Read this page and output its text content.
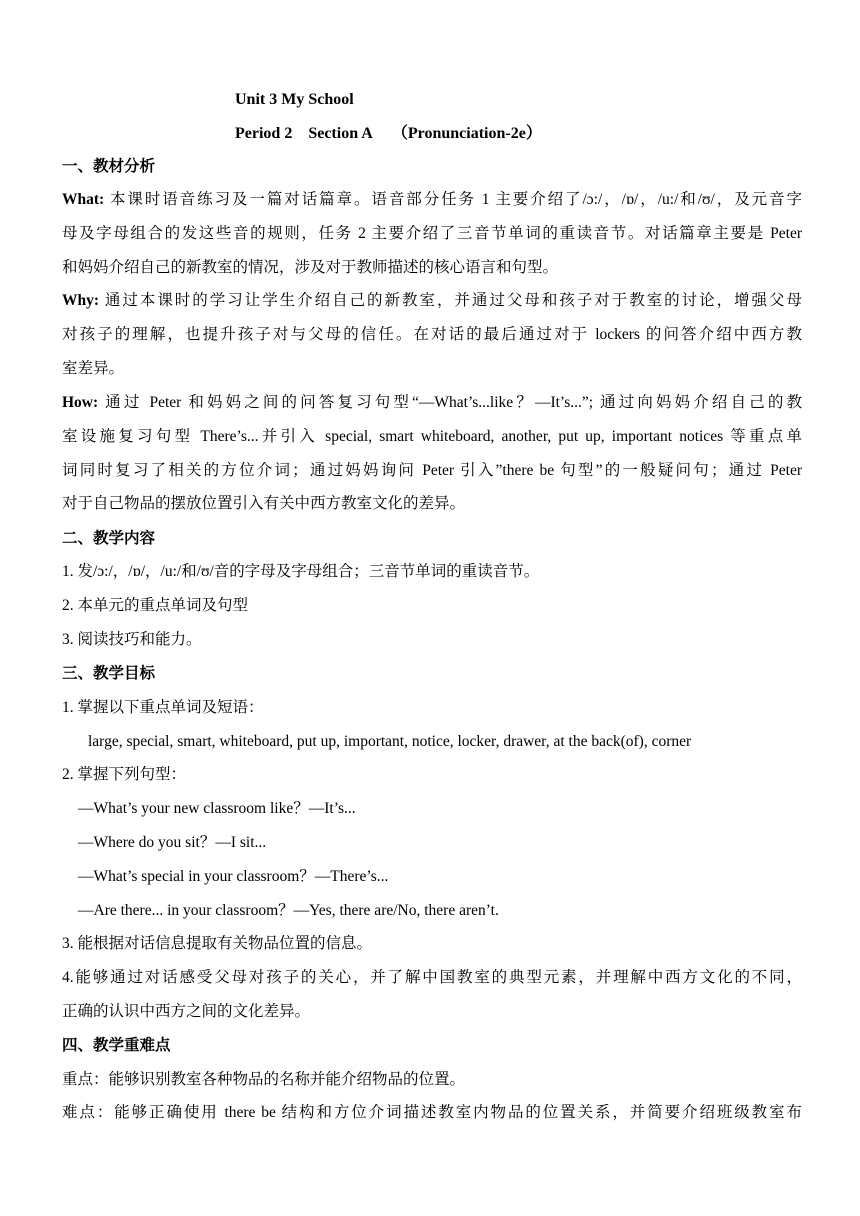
Unit 3 My School
Period 2    Section A     （Pronunciation-2e）
一、教材分析
What: 本课时语音练习及一篇对话篇章。语音部分任务 1 主要介绍了/ɔ:/，/ɒ/，/u:/和/ʊ/，及元音字
母及字母组合的发这些音的规则，任务 2 主要介绍了三音节单词的重读音节。对话篇章主要是 Peter
和妈妈介绍自己的新教室的情况，涉及对于教师描述的核心语言和句型。
Why: 通过本课时的学习让学生介绍自己的新教室，并通过父母和孩子对于教室的讨论，增强父母
对孩子的理解，也提升孩子对与父母的信任。在对话的最后通过对于 lockers 的问答介绍中西方教
室差异。
How: 通过 Peter 和妈妈之间的问答复习句型“—What’s...like？—It’s...”; 通过向妈妈介绍自己的教
室设施复习句型 There’s...并引入 special, smart whiteboard, another, put up, important notices 等重点单
词同时复习了相关的方位介词；通过妈妈询问 Peter 引入”there be 句型”的一般疑问句；通过 Peter
对于自己物品的摆放位置引入有关中西方教室文化的差异。
二、教学内容
1. 发/ɔ:/，/ɒ/，/u:/和/ʊ/音的字母及字母组合；三音节单词的重读音节。
2. 本单元的重点单词及句型
3. 阅读技巧和能力。
三、教学目标
1. 掌握以下重点单词及短语：
large, special, smart, whiteboard, put up, important, notice, locker, drawer, at the back(of), corner
2. 掌握下列句型：
—What’s your new classroom like？—It’s...
—Where do you sit？—I sit...
—What’s special in your classroom？—There’s...
—Are there... in your classroom？—Yes, there are/No, there aren’t.
3. 能根据对话信息提取有关物品位置的信息。
4.能够通过对话感受父母对孩子的关心，并了解中国教室的典型元素，并理解中西方文化的不同，
正确的认识中西方之间的文化差异。
四、教学重难点
重点：能够识别教室各种物品的名称并能介绍物品的位置。
难点：能够正确使用 there be 结构和方位介词描述教室内物品的位置关系，并简要介绍班级教室布
